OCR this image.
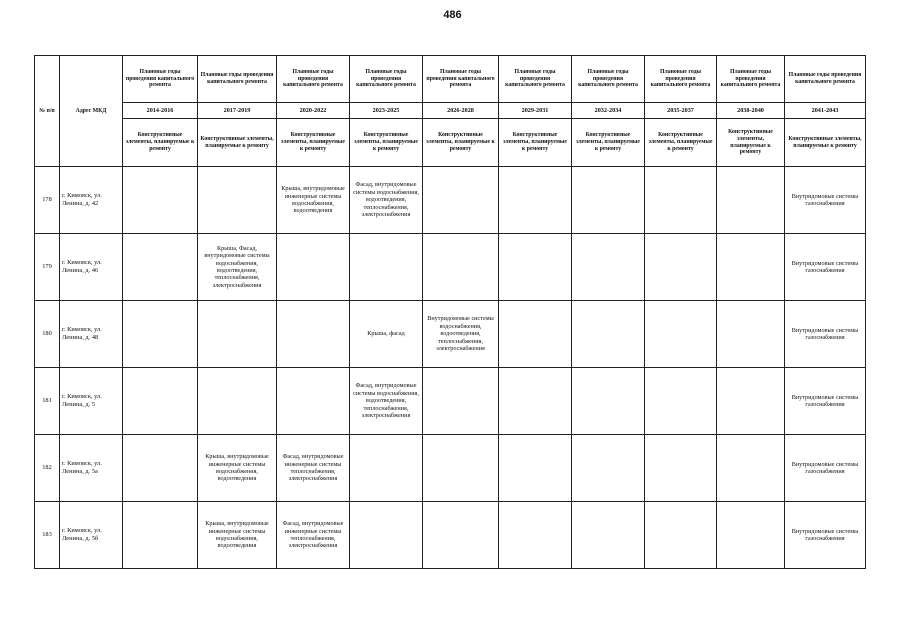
486
№ п/п	Адрес МКД	Плановые годы проведения капитального ремонта	Плановые годы проведения капитального ремонта	Плановые годы проведения капитального ремонта	Плановые годы проведения капитального ремонта	Плановые годы проведения капитального ремонта	Плановые годы проведения капитального ремонта	Плановые годы проведения капитального ремонта	Плановые годы проведения капитального ремонта	Плановые годы проведения капитального ремонта	Плановые годы проведения капитального ремонта
		2014-2016	2017-2019	2020-2022	2023-2025	2026-2028	2029-2031	2032-2034	2035-2037	2038-2040	2041-2043
		Конструктивные элементы, планируемые к ремонту	Конструктивные элементы, планируемые к ремонту	Конструктивные элементы, планируемые к ремонту	Конструктивные элементы, планируемые к ремонту	Конструктивные элементы, планируемые к ремонту	Конструктивные элементы, планируемые к ремонту	Конструктивные элементы, планируемые к ремонту	Конструктивные элементы, планируемые к ремонту	Конструктивные элементы, планируемые к ремонту	Конструктивные элементы, планируемые к ремонту
178	г. Кимовск, ул. Ленина, д. 42			Крыша, внутридомовые инженерные системы водоснабжения, водоотведения	Фасад, внутридомовые системы водоснабжения, водоотведения, теплоснабжения, электроснабжения						Внутридомовые системы газоснабжения
179	г. Кимовск, ул. Ленина, д. 46		Крыша, Фасад, внутридомовые системы водоснабжения, водоотведения, теплоснабжения, электроснабжения								Внутридомовые системы газоснабжения
180	г. Кимовск, ул. Ленина, д. 48				Крыша, фасад	Внутридомовые системы водоснабжения, водоотведения, теплоснабжения, электроснабжения					Внутридомовые системы газоснабжения
181	г. Кимовск, ул. Ленина, д. 5				Фасад, внутридомовые системы водоснабжения, водоотведения, теплоснабжения, электроснабжения						Внутридомовые системы газоснабжения
182	г. Кимовск, ул. Ленина, д. 5а		Крыша, внутридомовые инженерные системы водоснабжения, водоотведения	Фасад, внутридомовые инженерные системы теплоснабжения, электроснабжения							Внутридомовые системы газоснабжения
183	г. Кимовск, ул. Ленина, д. 5б		Крыша, внутридомовые инженерные системы водоснабжения, водоотведения	Фасад, внутридомовые инженерные системы теплоснабжения, электроснабжения							Внутридомовые системы газоснабжения
